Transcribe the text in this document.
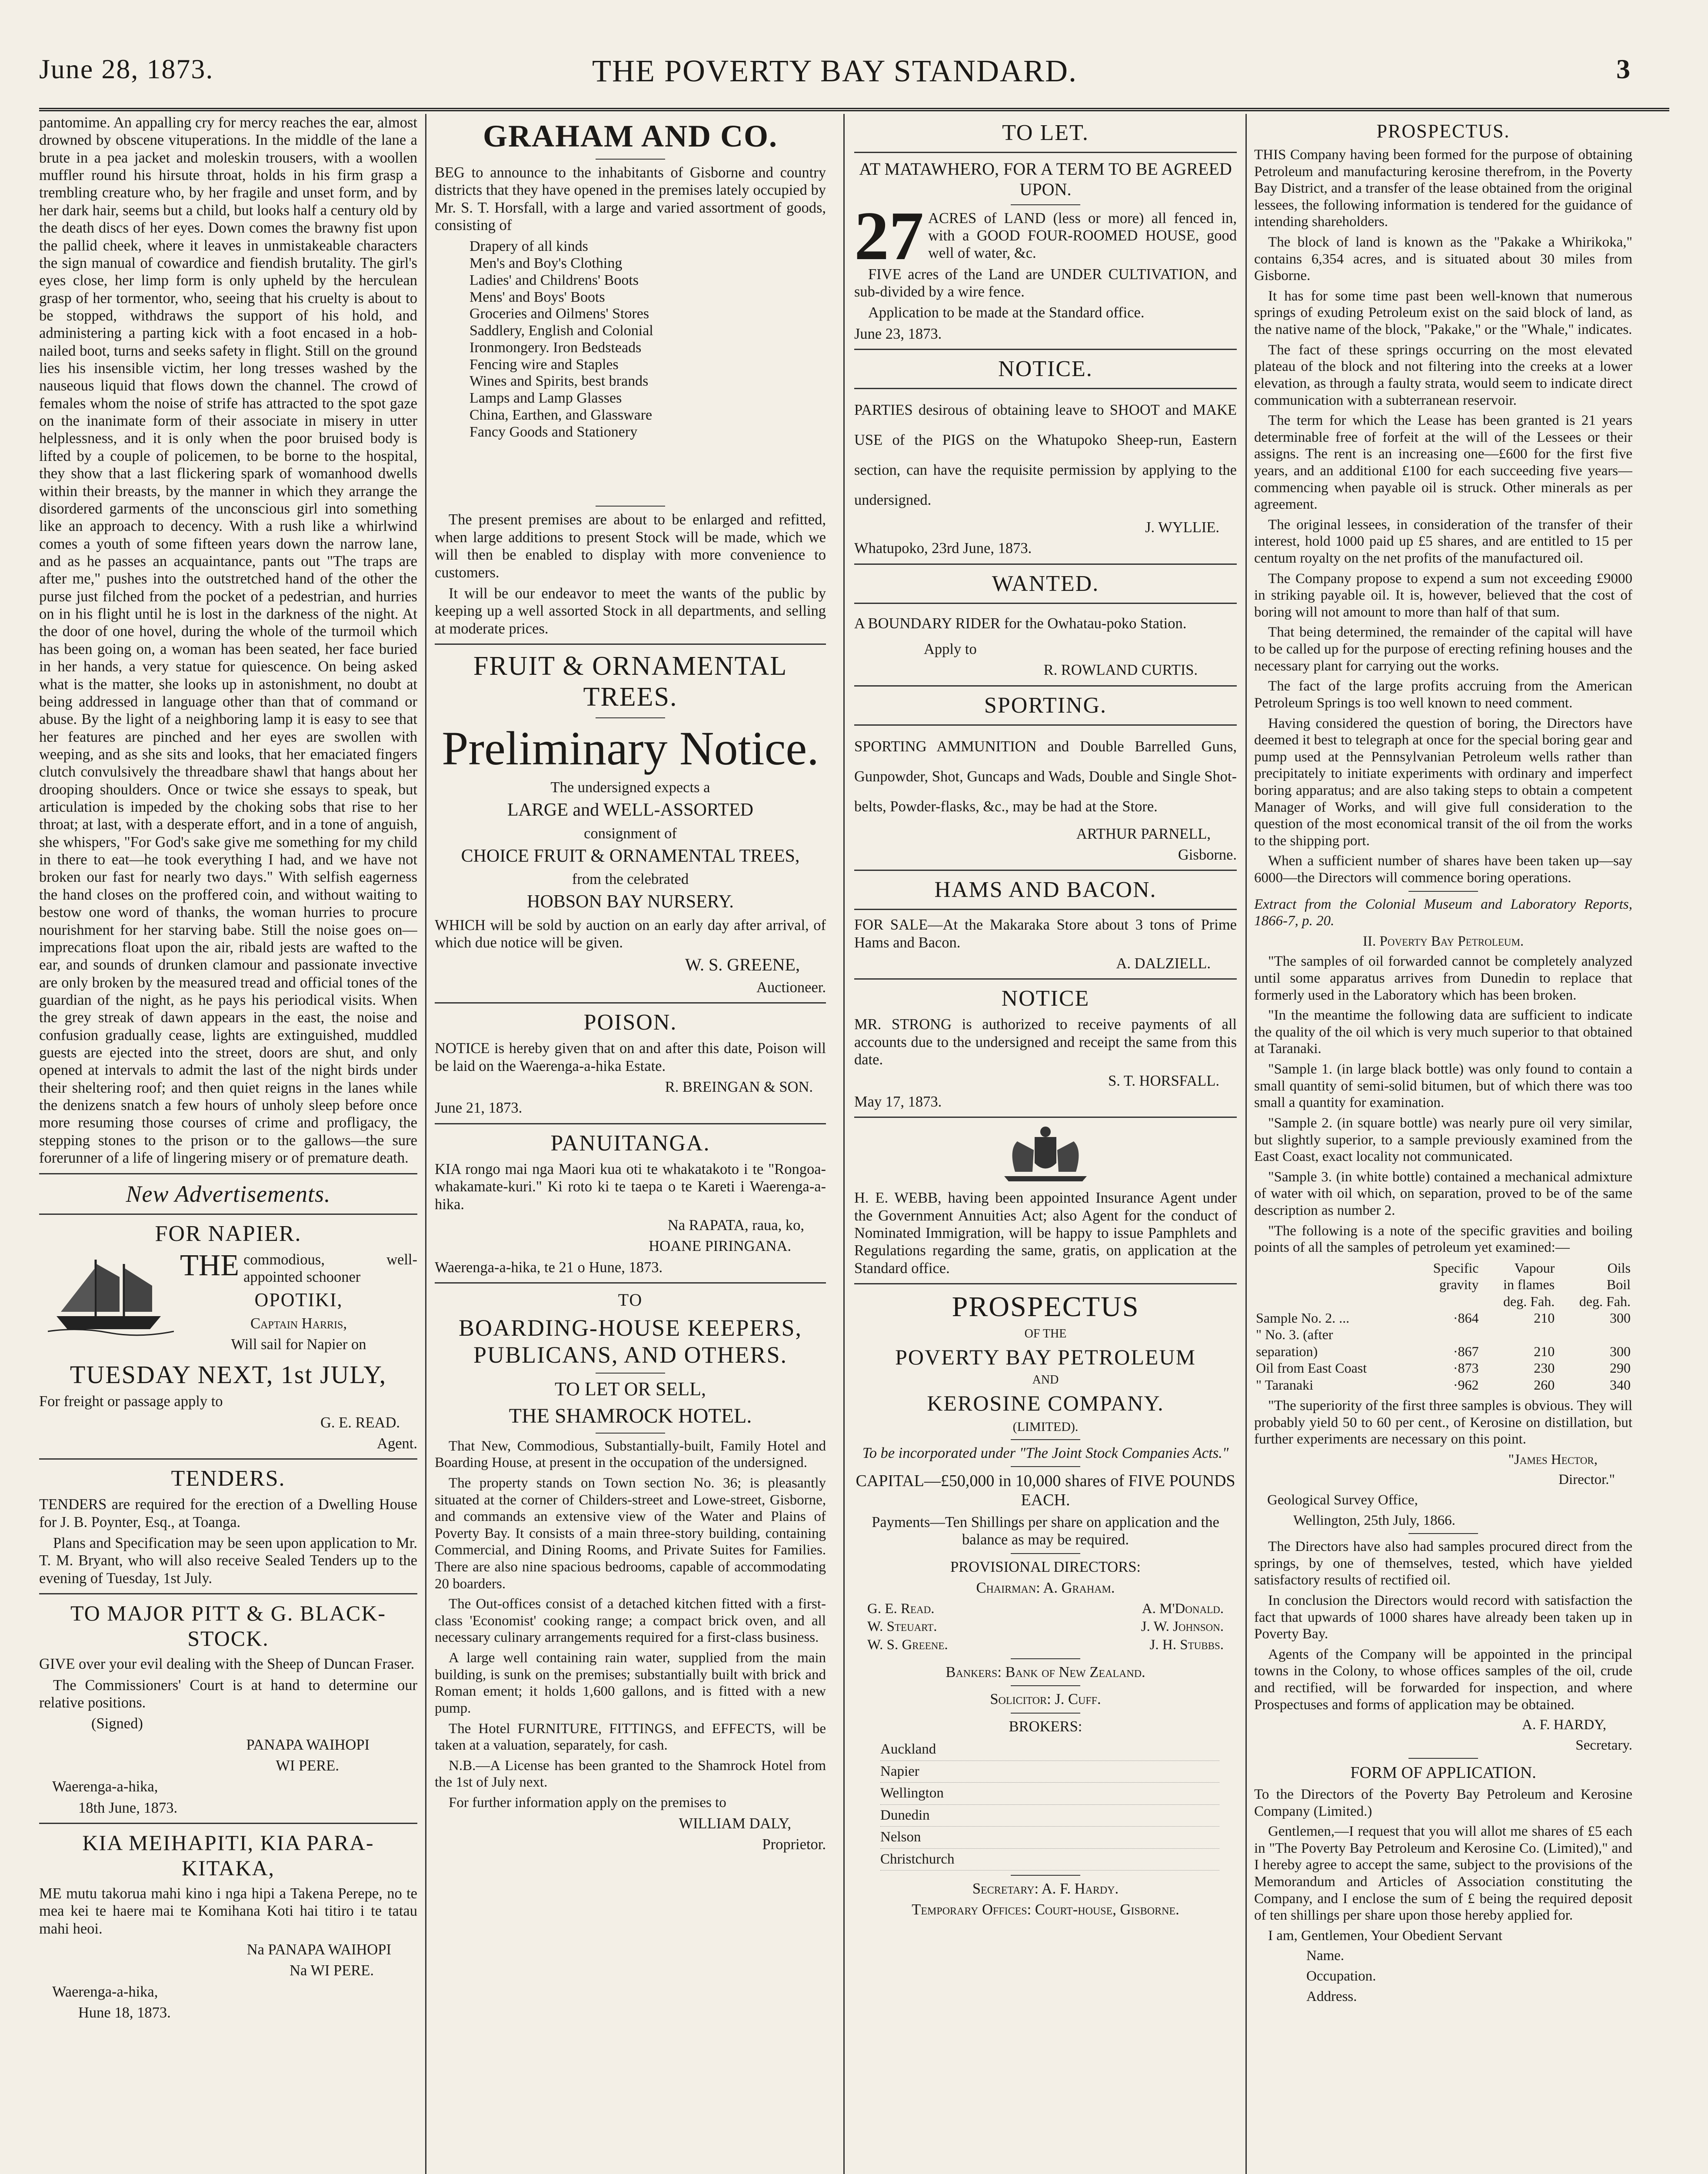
June 28, 1873.	THE POVERTY BAY STANDARD.	3

pantomime. An appalling cry for mercy reaches the ear, almost drowned by obscene vituperations. In the middle of the lane a brute in a pea jacket and moleskin trousers, with a woollen muffler round his hirsute throat, holds in his firm grasp a trembling creature who, by her fragile and unset form, and by her dark hair, seems but a child, but looks half a century old by the death discs of her eyes. Down comes the brawny fist upon the pallid cheek, where it leaves in unmistakeable characters the sign manual of cowardice and fiendish brutality. The girl's eyes close, her limp form is only upheld by the herculean grasp of her tormentor, who, seeing that his cruelty is about to be stopped, withdraws the support of his hold, and administering a parting kick with a foot encased in a hob-nailed boot, turns and seeks safety in flight. Still on the ground lies his insensible victim, her long tresses washed by the nauseous liquid that flows down the channel. The crowd of females whom the noise of strife has attracted to the spot gaze on the inanimate form of their associate in misery in utter helplessness, and it is only when the poor bruised body is lifted by a couple of policemen, to be borne to the hospital, they show that a last flickering spark of womanhood dwells within their breasts, by the manner in which they arrange the disordered garments of the unconscious girl into something like an approach to decency. With a rush like a whirlwind comes a youth of some fifteen years down the narrow lane, and as he passes an acquaintance, pants out "The traps are after me," pushes into the outstretched hand of the other the purse just filched from the pocket of a pedestrian, and hurries on in his flight until he is lost in the darkness of the night. At the door of one hovel, during the whole of the turmoil which has been going on, a woman has been seated, her face buried in her hands, a very statue for quiescence. On being asked what is the matter, she looks up in astonishment, no doubt at being addressed in language other than that of command or abuse. By the light of a neighboring lamp it is easy to see that her features are pinched and her eyes are swollen with weeping, and as she sits and looks, that her emaciated fingers clutch convulsively the threadbare shawl that hangs about her drooping shoulders. Once or twice she essays to speak, but articulation is impeded by the choking sobs that rise to her throat; at last, with a desperate effort, and in a tone of anguish, she whispers, "For God's sake give me something for my child in there to eat—he took everything I had, and we have not broken our fast for nearly two days." With selfish eagerness the hand closes on the proffered coin, and without waiting to bestow one word of thanks, the woman hurries to procure nourishment for her starving babe. Still the noise goes on—imprecations float upon the air, ribald jests are wafted to the ear, and sounds of drunken clamour and passionate invective are only broken by the measured tread and official tones of the guardian of the night, as he pays his periodical visits. When the grey streak of dawn appears in the east, the noise and confusion gradually cease, lights are extinguished, muddled guests are ejected into the street, doors are shut, and only opened at intervals to admit the last of the night birds under their sheltering roof; and then quiet reigns in the lanes while the denizens snatch a few hours of unholy sleep before once more resuming those courses of crime and profligacy, the stepping stones to the prison or to the gallows—the sure forerunner of a life of lingering misery or of premature death.

New Advertisements.
FOR NAPIER.

THE commodious, well-appointed schooner

OPOTIKI,

Captain Harris,

Will sail for Napier on

TUESDAY NEXT, 1st JULY,

For freight or passage apply to

G. E. READ.

Agent.

TENDERS.

TENDERS are required for the erection of a Dwelling House for J. B. Poynter, Esq., at Toanga.

Plans and Specification may be seen upon application to Mr. T. M. Bryant, who will also receive Sealed Tenders up to the evening of Tuesday, 1st July.

TO MAJOR PITT & G. BLACK-STOCK.

GIVE over your evil dealing with the Sheep of Duncan Fraser.

The Commissioners' Court is at hand to determine our relative positions.

(Signed)

PANAPA WAIHOPI

WI PERE.

Waerenga-a-hika,

18th June, 1873.

KIA MEIHAPITI, KIA PARA-KITAKA,

ME mutu takorua mahi kino i nga hipi a Takena Perepe, no te mea kei te haere mai te Komihana Koti hai titiro i te tatau mahi heoi.

Na PANAPA WAIHOPI

Na WI PERE.

Waerenga-a-hika,

Hune 18, 1873.

GRAHAM AND CO.

BEG to announce to the inhabitants of Gisborne and country districts that they have opened in the premises lately occupied by Mr. S. T. Horsfall, with a large and varied assortment of goods, consisting of

Drapery of all kinds
Men's and Boy's Clothing
Ladies' and Childrens' Boots
Mens' and Boys' Boots
Groceries and Oilmens' Stores
Saddlery, English and Colonial
Ironmongery. Iron Bedsteads
Fencing wire and Staples
Wines and Spirits, best brands
Lamps and Lamp Glasses
China, Earthen, and Glassware
Fancy Goods and Stationery

The present premises are about to be enlarged and refitted, when large additions to present Stock will be made, which we will then be enabled to display with more convenience to customers.

It will be our endeavor to meet the wants of the public by keeping up a well assorted Stock in all departments, and selling at moderate prices.

FRUIT & ORNAMENTAL TREES.
Preliminary Notice.

The undersigned expects a

LARGE and WELL-ASSORTED

consignment of

CHOICE FRUIT & ORNAMENTAL TREES,

from the celebrated

HOBSON BAY NURSERY.

WHICH will be sold by auction on an early day after arrival, of which due notice will be given.

W. S. GREENE,

Auctioneer.

POISON.

NOTICE is hereby given that on and after this date, Poison will be laid on the Waerenga-a-hika Estate.

R. BREINGAN & SON.

June 21, 1873.

PANUITANGA.

KIA rongo mai nga Maori kua oti te whakatakoto i te "Rongoa-whakamate-kuri." Ki roto ki te taepa o te Kareti i Waerenga-a-hika.

Na RAPATA, raua, ko,

HOANE PIRINGANA.

Waerenga-a-hika, te 21 o Hune, 1873.

TO
BOARDING-HOUSE KEEPERS, PUBLICANS, AND OTHERS.

TO LET OR SELL,

THE SHAMROCK HOTEL.

That New, Commodious, Substantially-built, Family Hotel and Boarding House, at present in the occupation of the undersigned.

The property stands on Town section No. 36; is pleasantly situated at the corner of Childers-street and Lowe-street, Gisborne, and commands an extensive view of the Water and Plains of Poverty Bay. It consists of a main three-story building, containing Commercial, and Dining Rooms, and Private Suites for Families. There are also nine spacious bedrooms, capable of accommodating 20 boarders.

The Out-offices consist of a detached kitchen fitted with a first-class 'Economist' cooking range; a compact brick oven, and all necessary culinary arrangements required for a first-class business.

A large well containing rain water, supplied from the main building, is sunk on the premises; substantially built with brick and Roman ement; it holds 1,600 gallons, and is fitted with a new pump.

The Hotel FURNITURE, FITTINGS, and EFFECTS, will be taken at a valuation, separately, for cash.

N.B.—A License has been granted to the Shamrock Hotel from the 1st of July next.

For further information apply on the premises to

WILLIAM DALY,

Proprietor.

TO LET.

AT MATAWHERO, FOR A TERM TO BE AGREED UPON.

27 ACRES of LAND (less or more) all fenced in, with a GOOD FOUR-ROOMED HOUSE, good well of water, &c.

FIVE acres of the Land are UNDER CULTIVATION, and sub-divided by a wire fence.

Application to be made at the Standard office.

June 23, 1873.

NOTICE.

PARTIES desirous of obtaining leave to SHOOT and MAKE USE of the PIGS on the Whatupoko Sheep-run, Eastern section, can have the requisite permission by applying to the undersigned.

J. WYLLIE.

Whatupoko, 23rd June, 1873.

WANTED.

A BOUNDARY RIDER for the Owhatau-poko Station.

Apply to

R. ROWLAND CURTIS.

SPORTING.

SPORTING AMMUNITION and Double Barrelled Guns, Gunpowder, Shot, Guncaps and Wads, Double and Single Shot-belts, Powder-flasks, &c., may be had at the Store.

ARTHUR PARNELL,

Gisborne.

HAMS AND BACON.

FOR SALE—At the Makaraka Store about 3 tons of Prime Hams and Bacon.

A. DALZIELL.

NOTICE

MR. STRONG is authorized to receive payments of all accounts due to the undersigned and receipt the same from this date.

S. T. HORSFALL.

May 17, 1873.

H. E. WEBB, having been appointed Insurance Agent under the Government Annuities Act; also Agent for the conduct of Nominated Immigration, will be happy to issue Pamphlets and Regulations regarding the same, gratis, on application at the Standard office.

PROSPECTUS

OF THE

POVERTY BAY PETROLEUM

AND

KEROSINE COMPANY.

(LIMITED).

To be incorporated under "The Joint Stock Companies Acts."

CAPITAL—£50,000 in 10,000 shares of FIVE POUNDS EACH.

Payments—Ten Shillings per share on application and the balance as may be required.

PROVISIONAL DIRECTORS:

Chairman: A. Graham.

G. E. Read.	A. M'Donald.
W. Steuart.	J. W. Johnson.
W. S. Greene.	J. H. Stubbs.

Bankers: Bank of New Zealand.

Solicitor: J. Cuff.

BROKERS:

Auckland
Napier
Wellington
Dunedin
Nelson
Christchurch

Secretary: A. F. Hardy.

Temporary Offices: Court-house, Gisborne.

PROSPECTUS.

THIS Company having been formed for the purpose of obtaining Petroleum and manufacturing kerosine therefrom, in the Poverty Bay District, and a transfer of the lease obtained from the original lessees, the following information is tendered for the guidance of intending shareholders.

The block of land is known as the "Pakake a Whirikoka," contains 6,354 acres, and is situated about 30 miles from Gisborne.

It has for some time past been well-known that numerous springs of exuding Petroleum exist on the said block of land, as the native name of the block, "Pakake," or the "Whale," indicates.

The fact of these springs occurring on the most elevated plateau of the block and not filtering into the creeks at a lower elevation, as through a faulty strata, would seem to indicate direct communication with a subterranean reservoir.

The term for which the Lease has been granted is 21 years determinable free of forfeit at the will of the Lessees or their assigns. The rent is an increasing one—£600 for the first five years, and an additional £100 for each succeeding five years—commencing when payable oil is struck. Other minerals as per agreement.

The original lessees, in consideration of the transfer of their interest, hold 1000 paid up £5 shares, and are entitled to 15 per centum royalty on the net profits of the manufactured oil.

The Company propose to expend a sum not exceeding £9000 in striking payable oil. It is, however, believed that the cost of boring will not amount to more than half of that sum.

That being determined, the remainder of the capital will have to be called up for the purpose of erecting refining houses and the necessary plant for carrying out the works.

The fact of the large profits accruing from the American Petroleum Springs is too well known to need comment.

Having considered the question of boring, the Directors have deemed it best to telegraph at once for the special boring gear and pump used at the Pennsylvanian Petroleum wells rather than precipitately to initiate experiments with ordinary and imperfect boring apparatus; and are also taking steps to obtain a competent Manager of Works, and will give full consideration to the question of the most economical transit of the oil from the works to the shipping port.

When a sufficient number of shares have been taken up—say 6000—the Directors will commence boring operations.

Extract from the Colonial Museum and Laboratory Reports, 1866-7, p. 20.

II. Poverty Bay Petroleum.

"The samples of oil forwarded cannot be completely analyzed until some apparatus arrives from Dunedin to replace that formerly used in the Laboratory which has been broken.

"In the meantime the following data are sufficient to indicate the quality of the oil which is very much superior to that obtained at Taranaki.

"Sample 1. (in large black bottle) was only found to contain a small quantity of semi-solid bitumen, but of which there was too small a quantity for examination.

"Sample 2. (in square bottle) was nearly pure oil very similar, but slightly superior, to a sample previously examined from the East Coast, exact locality not communicated.

"Sample 3. (in white bottle) contained a mechanical admixture of water with oil which, on separation, proved to be of the same description as number 2.

"The following is a note of the specific gravities and boiling points of all the samples of petroleum yet examined:—

	Specific	Vapour	Oils
	gravity	in flames	Boil
		deg. Fah.	deg. Fah.
Sample No. 2. ...	·864	210	300
" No. 3. (after			
separation)	·867	210	300
Oil from East Coast	·873	230	290
" Taranaki	·962	260	340

"The superiority of the first three samples is obvious. They will probably yield 50 to 60 per cent., of Kerosine on distillation, but further experiments are necessary on this point.

"James Hector,

Director."

Geological Survey Office,

Wellington, 25th July, 1866.

The Directors have also had samples procured direct from the springs, by one of themselves, tested, which have yielded satisfactory results of rectified oil.

In conclusion the Directors would record with satisfaction the fact that upwards of 1000 shares have already been taken up in Poverty Bay.

Agents of the Company will be appointed in the principal towns in the Colony, to whose offices samples of the oil, crude and rectified, will be forwarded for inspection, and where Prospectuses and forms of application may be obtained.

A. F. HARDY,

Secretary.

FORM OF APPLICATION.

To the Directors of the Poverty Bay Petroleum and Kerosine Company (Limited.)

Gentlemen,—I request that you will allot me shares of £5 each in "The Poverty Bay Petroleum and Kerosine Co. (Limited)," and I hereby agree to accept the same, subject to the provisions of the Memorandum and Articles of Association constituting the Company, and I enclose the sum of £ being the required deposit of ten shillings per share upon those hereby applied for.

I am, Gentlemen, Your Obedient Servant

Name.

Occupation.

Address.
